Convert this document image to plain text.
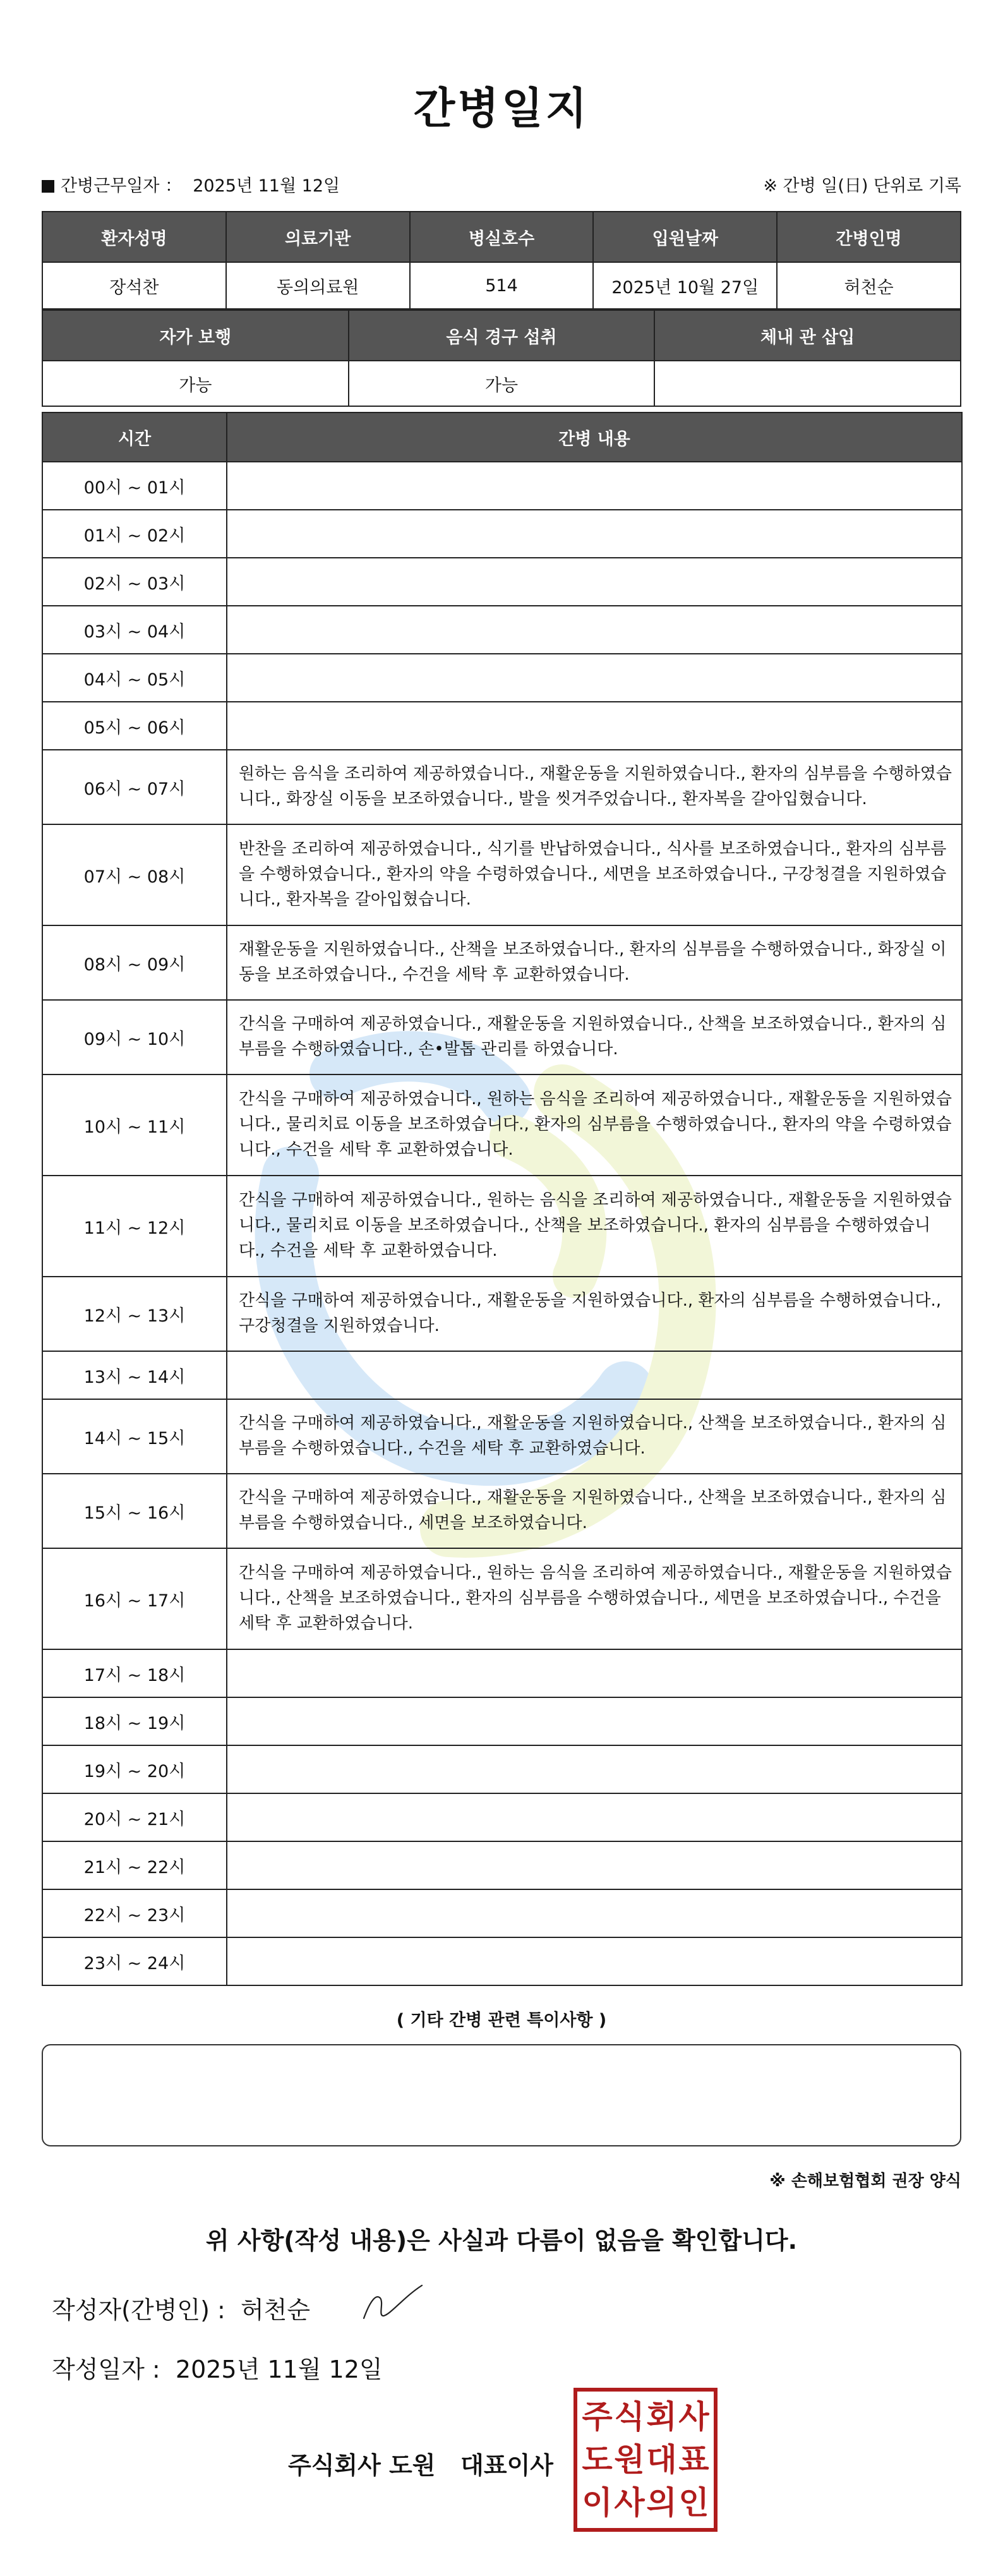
간병일지
간병근무일자 ： 2025년 11월 12일	※ 간병 일(日) 단위로 기록
환자성명	의료기관	병실호수	입원날짜	간병인명
장석찬	동의의료원	514	2025년 10월 27일	허천순
자가 보행	음식 경구 섭취	체내 관 삽입
가능	가능	
시간	간병 내용
00시 ~ 01시	
01시 ~ 02시	
02시 ~ 03시	
03시 ~ 04시	
04시 ~ 05시	
05시 ~ 06시	
06시 ~ 07시	원하는 음식을 조리하여 제공하였습니다., 재활운동을 지원하였습니다., 환자의 심부름을 수행하였습니다., 화장실 이동을 보조하였습니다., 발을 씻겨주었습니다., 환자복을 갈아입혔습니다.
07시 ~ 08시	반찬을 조리하여 제공하였습니다., 식기를 반납하였습니다., 식사를 보조하였습니다., 환자의 심부름을 수행하였습니다., 환자의 약을 수령하였습니다., 세면을 보조하였습니다., 구강청결을 지원하였습니다., 환자복을 갈아입혔습니다.
08시 ~ 09시	재활운동을 지원하였습니다., 산책을 보조하였습니다., 환자의 심부름을 수행하였습니다., 화장실 이동을 보조하였습니다., 수건을 세탁 후 교환하였습니다.
09시 ~ 10시	간식을 구매하여 제공하였습니다., 재활운동을 지원하였습니다., 산책을 보조하였습니다., 환자의 심부름을 수행하였습니다., 손•발톱 관리를 하였습니다.
10시 ~ 11시	간식을 구매하여 제공하였습니다., 원하는 음식을 조리하여 제공하였습니다., 재활운동을 지원하였습니다., 물리치료 이동을 보조하였습니다., 환자의 심부름을 수행하였습니다., 환자의 약을 수령하였습니다., 수건을 세탁 후 교환하였습니다.
11시 ~ 12시	간식을 구매하여 제공하였습니다., 원하는 음식을 조리하여 제공하였습니다., 재활운동을 지원하였습니다., 물리치료 이동을 보조하였습니다., 산책을 보조하였습니다., 환자의 심부름을 수행하였습니다., 수건을 세탁 후 교환하였습니다.
12시 ~ 13시	간식을 구매하여 제공하였습니다., 재활운동을 지원하였습니다., 환자의 심부름을 수행하였습니다., 구강청결을 지원하였습니다.
13시 ~ 14시	
14시 ~ 15시	간식을 구매하여 제공하였습니다., 재활운동을 지원하였습니다., 산책을 보조하였습니다., 환자의 심부름을 수행하였습니다., 수건을 세탁 후 교환하였습니다.
15시 ~ 16시	간식을 구매하여 제공하였습니다., 재활운동을 지원하였습니다., 산책을 보조하였습니다., 환자의 심부름을 수행하였습니다., 세면을 보조하였습니다.
16시 ~ 17시	간식을 구매하여 제공하였습니다., 원하는 음식을 조리하여 제공하였습니다., 재활운동을 지원하였습니다., 산책을 보조하였습니다., 환자의 심부름을 수행하였습니다., 세면을 보조하였습니다., 수건을 세탁 후 교환하였습니다.
17시 ~ 18시	
18시 ~ 19시	
19시 ~ 20시	
20시 ~ 21시	
21시 ~ 22시	
22시 ~ 23시	
23시 ~ 24시	
( 기타 간병 관련 특이사항 )
※ 손해보험협회 권장 양식
위 사항(작성 내용)은 사실과 다름이 없음을 확인합니다.
작성자(간병인) : 허천순
작성일자 : 2025년 11월 12일
주식회사 도원   대표이사
주 식 회 사
도 원 대 표
이 사 의 인
